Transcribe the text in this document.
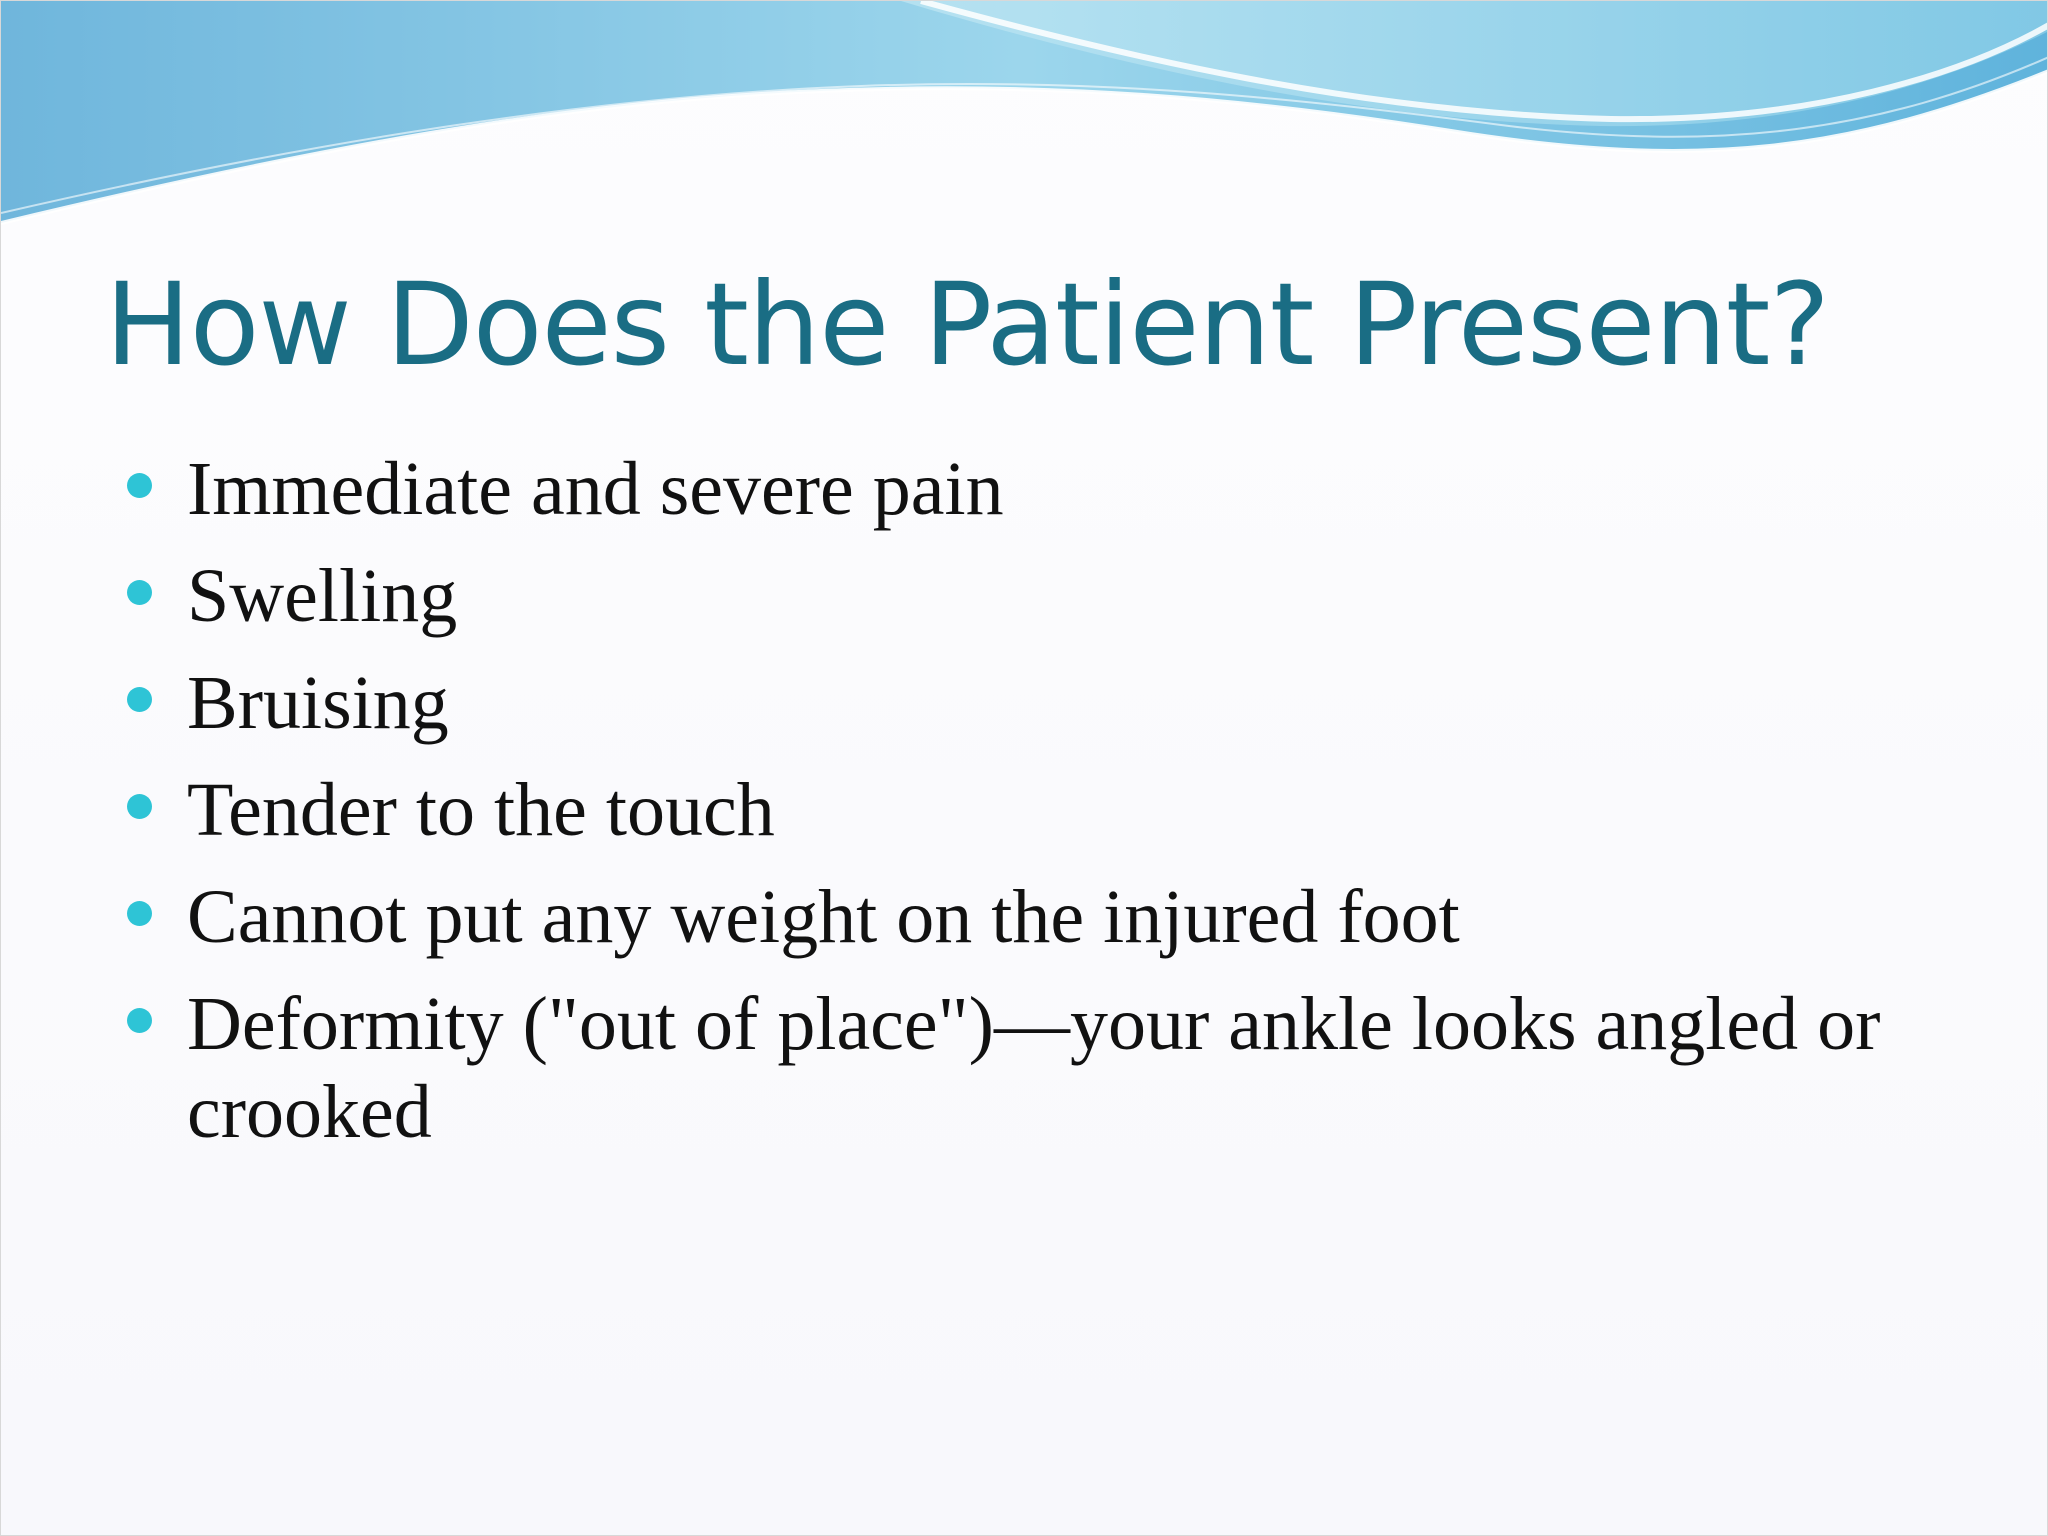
How Does the Patient Present?
Immediate and severe pain
Swelling
Bruising
Tender to the touch
Cannot put any weight on the injured foot
Deformity ("out of place")—your ankle looks angled or crooked
